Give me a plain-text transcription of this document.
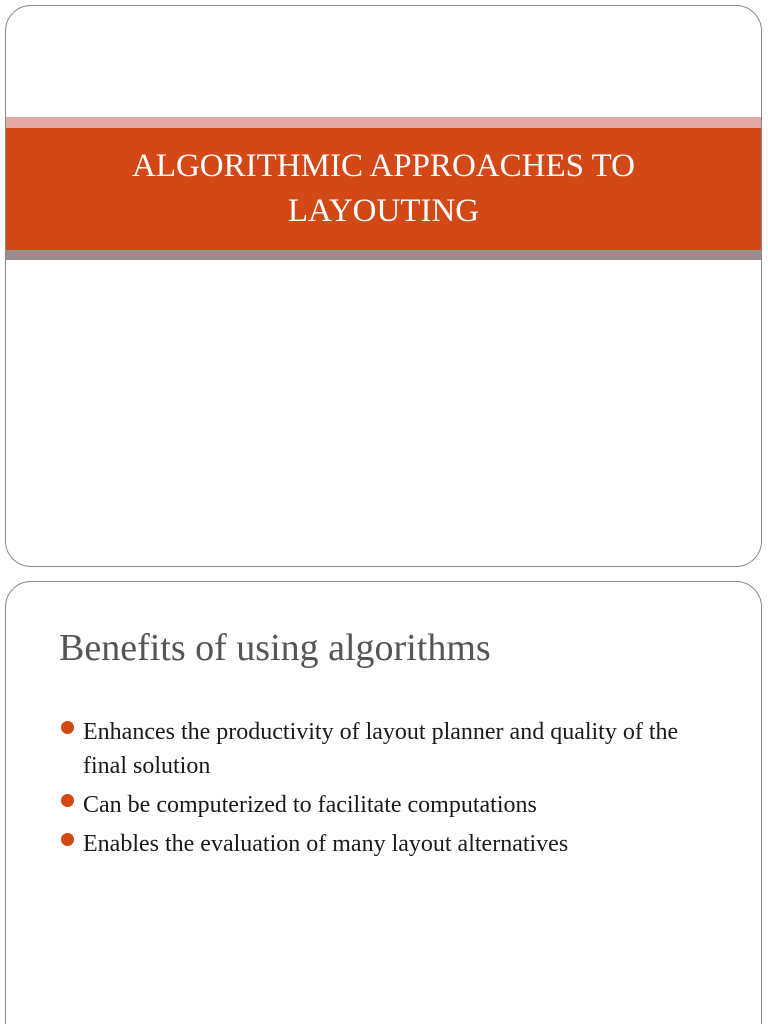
ALGORITHMIC APPROACHES TO LAYOUTING
Benefits of using algorithms
Enhances the productivity of layout planner and quality of the final solution
Can be computerized to facilitate computations
Enables the evaluation of many layout alternatives
